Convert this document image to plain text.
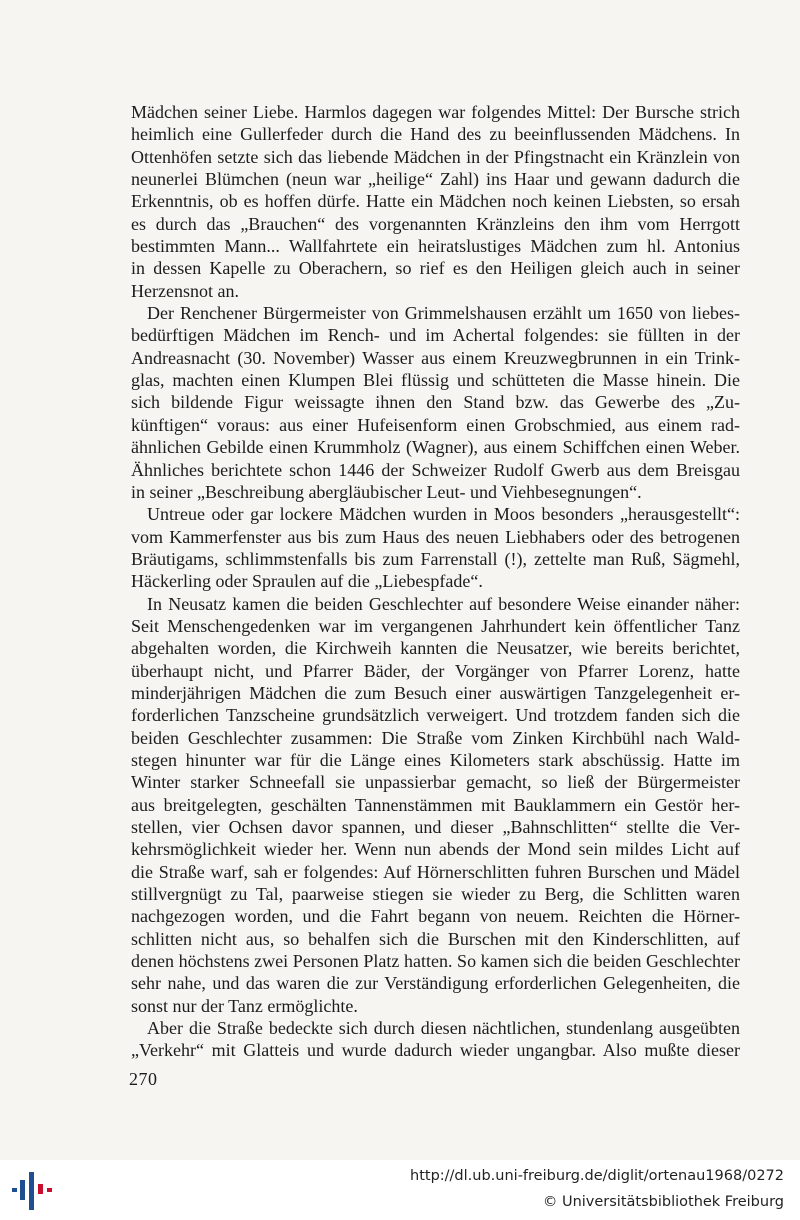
Mädchen seiner Liebe. Harmlos dagegen war folgendes Mittel: Der Bursche strich
heimlich eine Gullerfeder durch die Hand des zu beeinflussenden Mädchens. In
Ottenhöfen setzte sich das liebende Mädchen in der Pfingstnacht ein Kränzlein von
neunerlei Blümchen (neun war „heilige“ Zahl) ins Haar und gewann dadurch die
Erkenntnis, ob es hoffen dürfe. Hatte ein Mädchen noch keinen Liebsten, so ersah
es durch das „Brauchen“ des vorgenannten Kränzleins den ihm vom Herrgott
bestimmten Mann... Wallfahrtete ein heiratslustiges Mädchen zum hl. Antonius
in dessen Kapelle zu Oberachern, so rief es den Heiligen gleich auch in seiner
Herzensnot an.
Der Renchener Bürgermeister von Grimmelshausen erzählt um 1650 von liebes-
bedürftigen Mädchen im Rench- und im Achertal folgendes: sie füllten in der
Andreasnacht (30. November) Wasser aus einem Kreuzwegbrunnen in ein Trink-
glas, machten einen Klumpen Blei flüssig und schütteten die Masse hinein. Die
sich bildende Figur weissagte ihnen den Stand bzw. das Gewerbe des „Zu-
künftigen“ voraus: aus einer Hufeisenform einen Grobschmied, aus einem rad-
ähnlichen Gebilde einen Krummholz (Wagner), aus einem Schiffchen einen Weber.
Ähnliches berichtete schon 1446 der Schweizer Rudolf Gwerb aus dem Breisgau
in seiner „Beschreibung abergläubischer Leut- und Viehbesegnungen“.
Untreue oder gar lockere Mädchen wurden in Moos besonders „herausgestellt“:
vom Kammerfenster aus bis zum Haus des neuen Liebhabers oder des betrogenen
Bräutigams, schlimmstenfalls bis zum Farrenstall (!), zettelte man Ruß, Sägmehl,
Häckerling oder Spraulen auf die „Liebespfade“.
In Neusatz kamen die beiden Geschlechter auf besondere Weise einander näher:
Seit Menschengedenken war im vergangenen Jahrhundert kein öffentlicher Tanz
abgehalten worden, die Kirchweih kannten die Neusatzer, wie bereits berichtet,
überhaupt nicht, und Pfarrer Bäder, der Vorgänger von Pfarrer Lorenz, hatte
minderjährigen Mädchen die zum Besuch einer auswärtigen Tanzgelegenheit er-
forderlichen Tanzscheine grundsätzlich verweigert. Und trotzdem fanden sich die
beiden Geschlechter zusammen: Die Straße vom Zinken Kirchbühl nach Wald-
stegen hinunter war für die Länge eines Kilometers stark abschüssig. Hatte im
Winter starker Schneefall sie unpassierbar gemacht, so ließ der Bürgermeister
aus breitgelegten, geschälten Tannenstämmen mit Bauklammern ein Gestör her-
stellen, vier Ochsen davor spannen, und dieser „Bahnschlitten“ stellte die Ver-
kehrsmöglichkeit wieder her. Wenn nun abends der Mond sein mildes Licht auf
die Straße warf, sah er folgendes: Auf Hörnerschlitten fuhren Burschen und Mädel
stillvergnügt zu Tal, paarweise stiegen sie wieder zu Berg, die Schlitten waren
nachgezogen worden, und die Fahrt begann von neuem. Reichten die Hörner-
schlitten nicht aus, so behalfen sich die Burschen mit den Kinderschlitten, auf
denen höchstens zwei Personen Platz hatten. So kamen sich die beiden Geschlechter
sehr nahe, und das waren die zur Verständigung erforderlichen Gelegenheiten, die
sonst nur der Tanz ermöglichte.
Aber die Straße bedeckte sich durch diesen nächtlichen, stundenlang ausgeübten
„Verkehr“ mit Glatteis und wurde dadurch wieder ungangbar. Also mußte dieser
270
http://dl.ub.uni-freiburg.de/diglit/ortenau1968/0272
© Universitätsbibliothek Freiburg
